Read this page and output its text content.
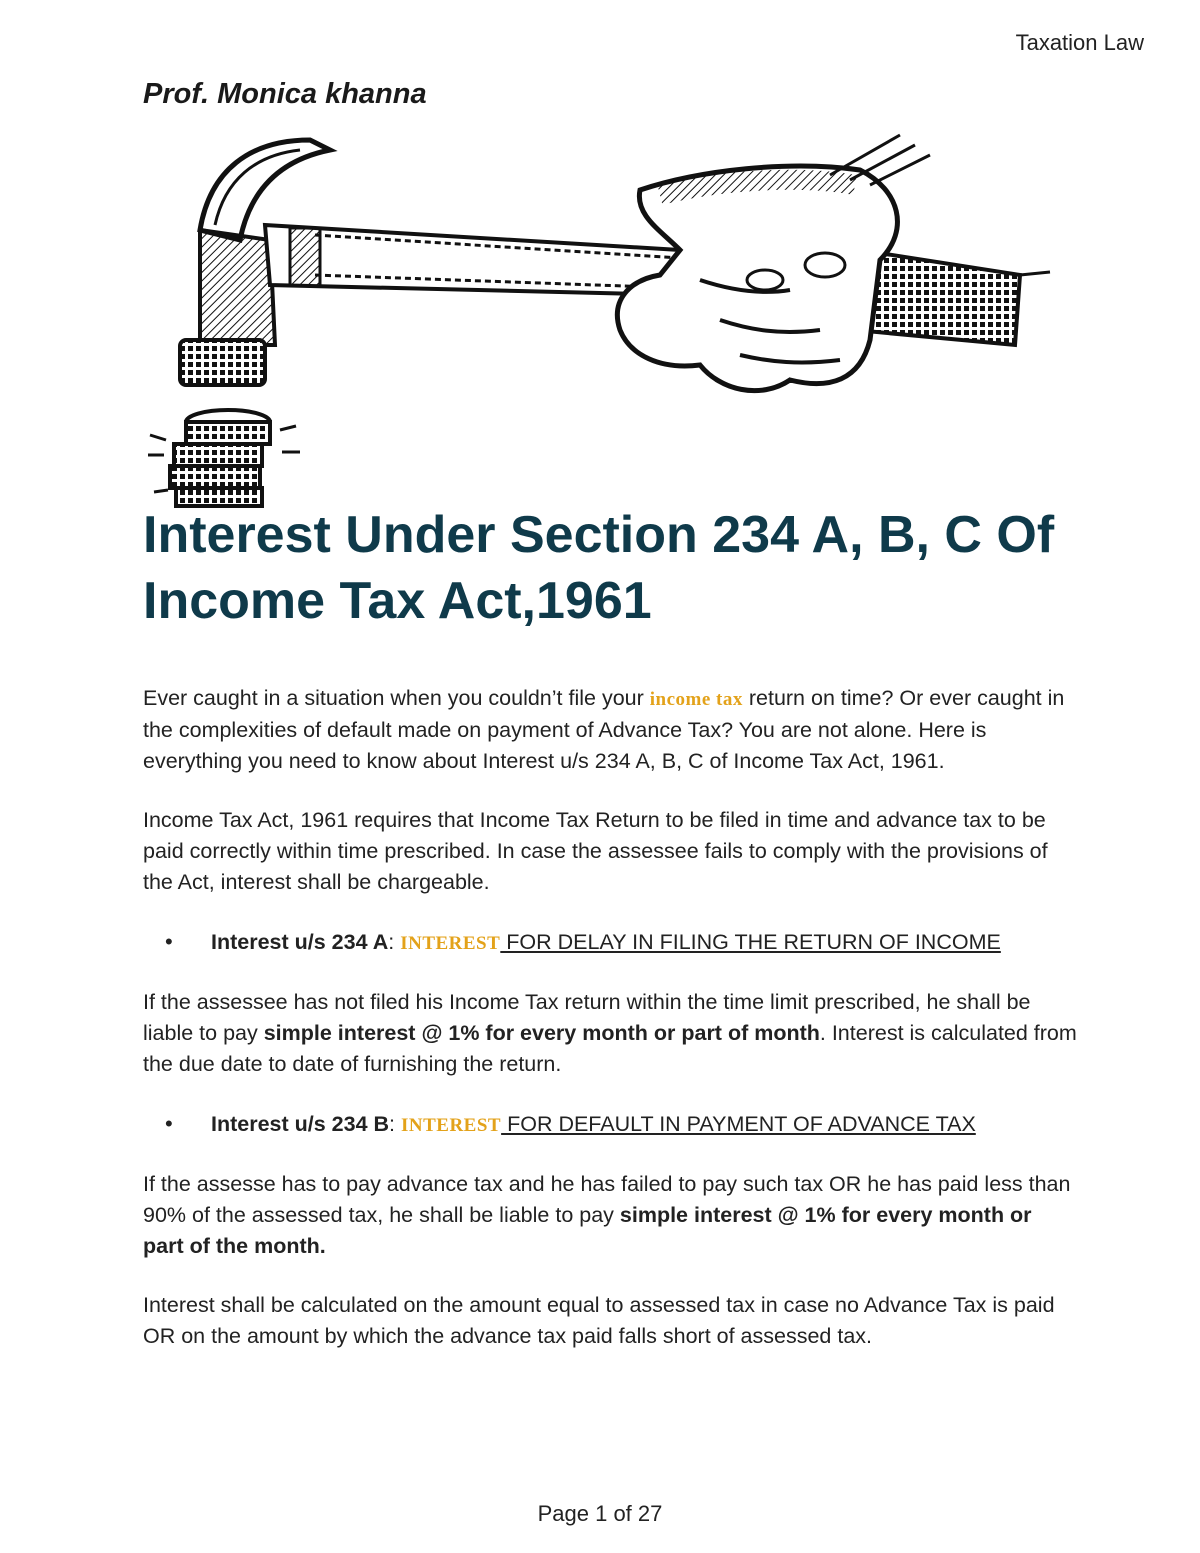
Taxation Law
Prof. Monica khanna
Interest Under Section 234 A, B, C Of Income Tax Act,1961

Ever caught in a situation when you couldn’t file your income tax return on time? Or ever caught in the complexities of default made on payment of Advance Tax? You are not alone. Here is everything you need to know about Interest u/s 234 A, B, C of Income Tax Act, 1961.

Income Tax Act, 1961 requires that Income Tax Return to be filed in time and advance tax to be paid correctly within time prescribed. In case the assessee fails to comply with the provisions of the Act, interest shall be chargeable.

•	Interest u/s 234 A: INTEREST FOR DELAY IN FILING THE RETURN OF INCOME

If the assessee has not filed his Income Tax return within the time limit prescribed, he shall be liable to pay simple interest @ 1% for every month or part of month. Interest is calculated from the due date to date of furnishing the return.

•	Interest u/s 234 B: INTEREST FOR DEFAULT IN PAYMENT OF ADVANCE TAX

If the assesse has to pay advance tax and he has failed to pay such tax OR he has paid less than 90% of the assessed tax, he shall be liable to pay simple interest @ 1% for every month or part of the month.

Interest shall be calculated on the amount equal to assessed tax in case no Advance Tax is paid OR on the amount by which the advance tax paid falls short of assessed tax.

Page 1 of 27
